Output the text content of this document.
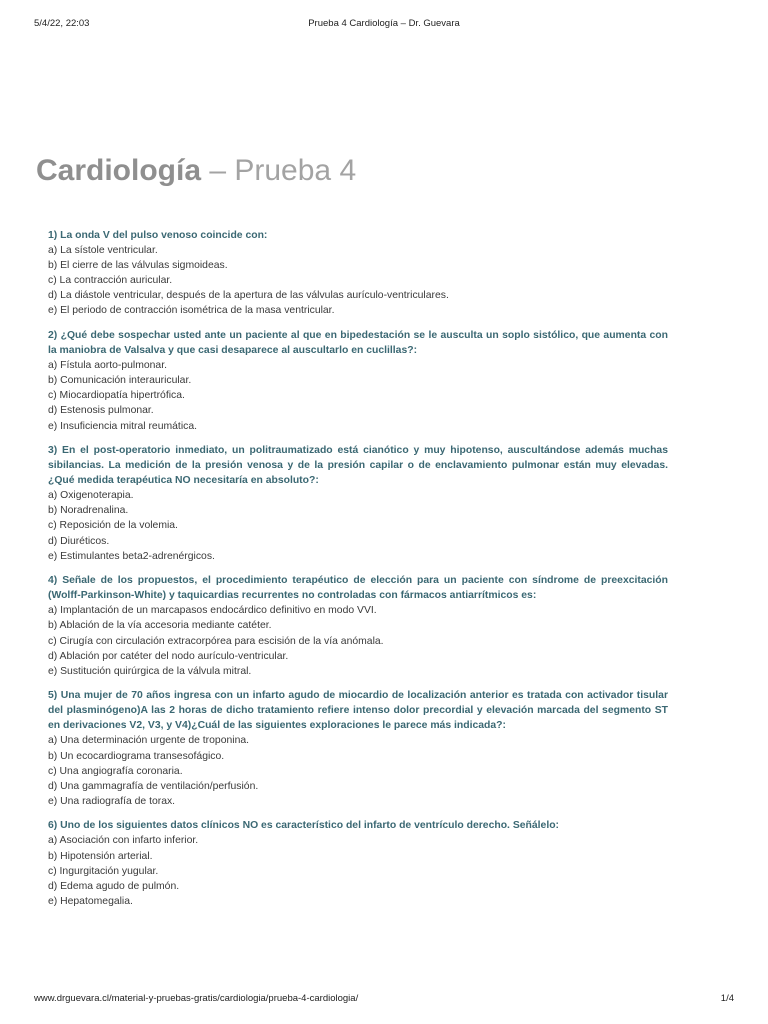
5/4/22, 22:03	Prueba 4 Cardiología – Dr. Guevara
Cardiología – Prueba 4
1) La onda V del pulso venoso coincide con:
a) La sístole ventricular.
b) El cierre de las válvulas sigmoideas.
c) La contracción auricular.
d) La diástole ventricular, después de la apertura de las válvulas aurículo-ventriculares.
e) El periodo de contracción isométrica de la masa ventricular.
2) ¿Qué debe sospechar usted ante un paciente al que en bipedestación se le ausculta un soplo sistólico, que aumenta con la maniobra de Valsalva y que casi desaparece al auscultarlo en cuclillas?:
a) Fístula aorto-pulmonar.
b) Comunicación interauricular.
c) Miocardiopatía hipertrófica.
d) Estenosis pulmonar.
e) Insuficiencia mitral reumática.
3) En el post-operatorio inmediato, un politraumatizado está cianótico y muy hipotenso, auscultándose además muchas sibilancias. La medición de la presión venosa y de la presión capilar o de enclavamiento pulmonar están muy elevadas. ¿Qué medida terapéutica NO necesitaría en absoluto?:
a) Oxigenoterapia.
b) Noradrenalina.
c) Reposición de la volemia.
d) Diuréticos.
e) Estimulantes beta2-adrenérgicos.
4) Señale de los propuestos, el procedimiento terapéutico de elección para un paciente con síndrome de preexcitación (Wolff-Parkinson-White) y taquicardias recurrentes no controladas con fármacos antiarrítmicos es:
a) Implantación de un marcapasos endocárdico definitivo en modo VVI.
b) Ablación de la vía accesoria mediante catéter.
c) Cirugía con circulación extracorpórea para escisión de la vía anómala.
d) Ablación por catéter del nodo aurículo-ventricular.
e) Sustitución quirúrgica de la válvula mitral.
5) Una mujer de 70 años ingresa con un infarto agudo de miocardio de localización anterior es tratada con activador tisular del plasminógeno)A las 2 horas de dicho tratamiento refiere intenso dolor precordial y elevación marcada del segmento ST en derivaciones V2, V3, y V4)¿Cuál de las siguientes exploraciones le parece más indicada?:
a) Una determinación urgente de troponina.
b) Un ecocardiograma transesofágico.
c) Una angiografía coronaria.
d) Una gammagrafía de ventilación/perfusión.
e) Una radiografía de torax.
6) Uno de los siguientes datos clínicos NO es característico del infarto de ventrículo derecho. Señálelo:
a) Asociación con infarto inferior.
b) Hipotensión arterial.
c) Ingurgitación yugular.
d) Edema agudo de pulmón.
e) Hepatomegalia.
www.drguevara.cl/material-y-pruebas-gratis/cardiologia/prueba-4-cardiologia/	1/4
